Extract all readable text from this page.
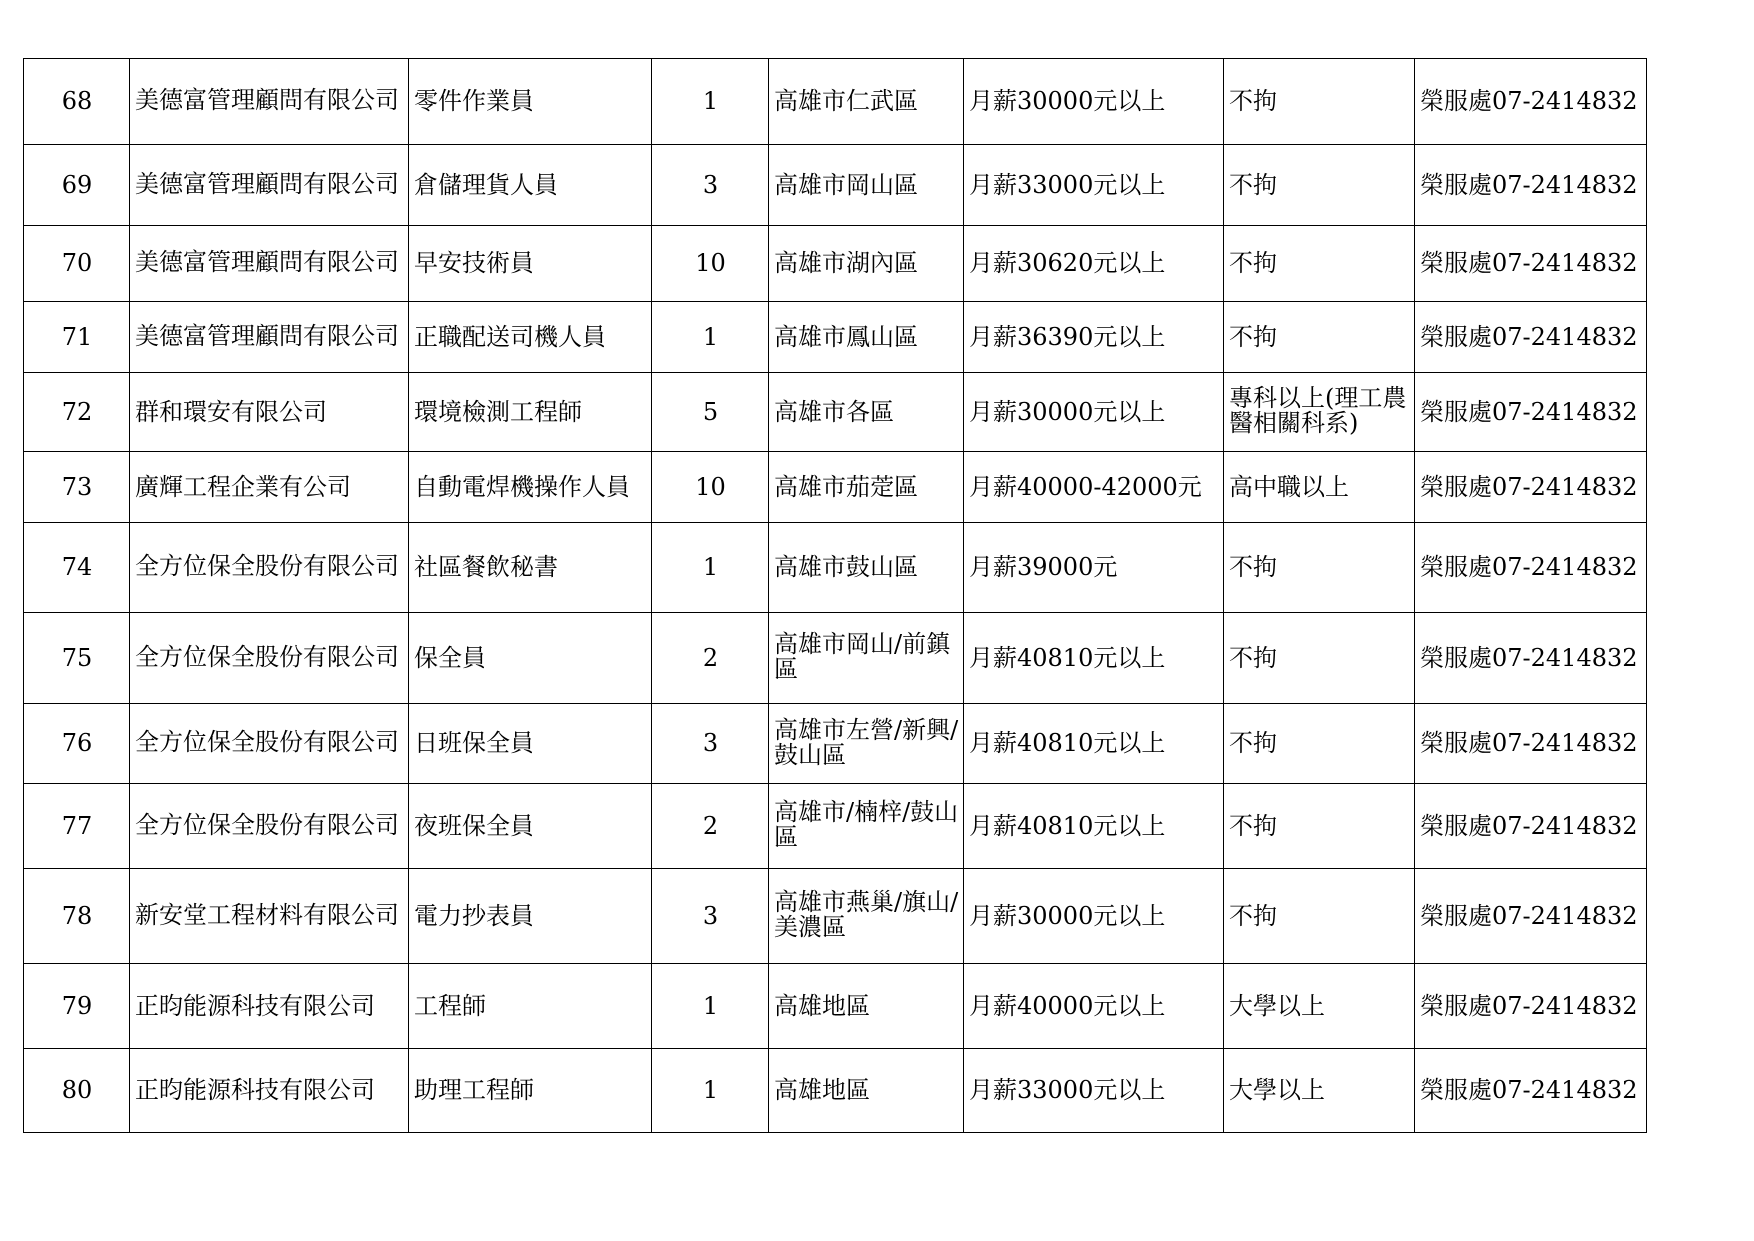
68	美德富管理顧問有限公司	零件作業員	1	高雄市仁武區	月薪30000元以上	不拘	榮服處07-2414832
69	美德富管理顧問有限公司	倉儲理貨人員	3	高雄市岡山區	月薪33000元以上	不拘	榮服處07-2414832
70	美德富管理顧問有限公司	早安技術員	10	高雄市湖內區	月薪30620元以上	不拘	榮服處07-2414832
71	美德富管理顧問有限公司	正職配送司機人員	1	高雄市鳳山區	月薪36390元以上	不拘	榮服處07-2414832
72	群和環安有限公司	環境檢測工程師	5	高雄市各區	月薪30000元以上	專科以上(理工農醫相關科系)	榮服處07-2414832
73	廣輝工程企業有公司	自動電焊機操作人員	10	高雄市茄萣區	月薪40000-42000元	高中職以上	榮服處07-2414832
74	全方位保全股份有限公司	社區餐飲秘書	1	高雄市鼓山區	月薪39000元	不拘	榮服處07-2414832
75	全方位保全股份有限公司	保全員	2	高雄市岡山/前鎮區	月薪40810元以上	不拘	榮服處07-2414832
76	全方位保全股份有限公司	日班保全員	3	高雄市左營/新興/鼓山區	月薪40810元以上	不拘	榮服處07-2414832
77	全方位保全股份有限公司	夜班保全員	2	高雄市/楠梓/鼓山區	月薪40810元以上	不拘	榮服處07-2414832
78	新安堂工程材料有限公司	電力抄表員	3	高雄市燕巢/旗山/美濃區	月薪30000元以上	不拘	榮服處07-2414832
79	正昀能源科技有限公司	工程師	1	高雄地區	月薪40000元以上	大學以上	榮服處07-2414832
80	正昀能源科技有限公司	助理工程師	1	高雄地區	月薪33000元以上	大學以上	榮服處07-2414832
